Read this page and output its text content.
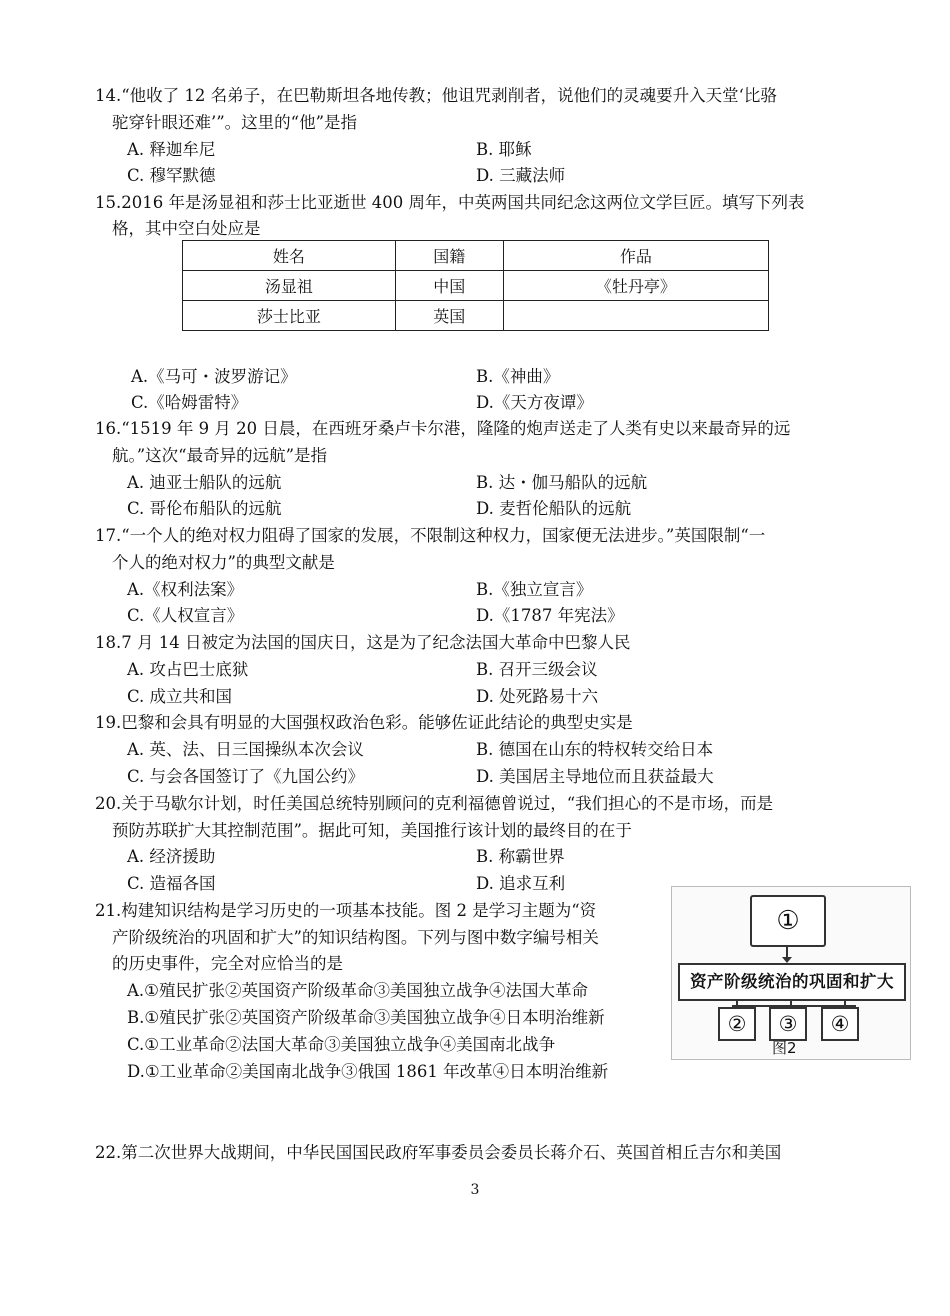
14.“他收了 12 名弟子，在巴勒斯坦各地传教；他诅咒剥削者，说他们的灵魂要升入天堂‘比骆
驼穿针眼还难’”。这里的“他”是指
A. 释迦牟尼	B. 耶稣
C. 穆罕默德	D. 三藏法师
15.2016 年是汤显祖和莎士比亚逝世 400 周年，中英两国共同纪念这两位文学巨匠。填写下列表
格，其中空白处应是
姓名	国籍	作品
汤显祖	中国	《牡丹亭》
莎士比亚	英国	
A.《马可・波罗游记》	B.《神曲》
C.《哈姆雷特》	D.《天方夜谭》
16.“1519 年 9 月 20 日晨，在西班牙桑卢卡尔港，隆隆的炮声送走了人类有史以来最奇异的远
航。”这次“最奇异的远航”是指
A. 迪亚士船队的远航	B. 达・伽马船队的远航
C. 哥伦布船队的远航	D. 麦哲伦船队的远航
17.“一个人的绝对权力阻碍了国家的发展，不限制这种权力，国家便无法进步。”英国限制“一
个人的绝对权力”的典型文献是
A.《权利法案》	B.《独立宣言》
C.《人权宣言》	D.《1787 年宪法》
18.7 月 14 日被定为法国的国庆日，这是为了纪念法国大革命中巴黎人民
A. 攻占巴士底狱	B. 召开三级会议
C. 成立共和国	D. 处死路易十六
19.巴黎和会具有明显的大国强权政治色彩。能够佐证此结论的典型史实是
A. 英、法、日三国操纵本次会议	B. 德国在山东的特权转交给日本
C. 与会各国签订了《九国公约》	D. 美国居主导地位而且获益最大
20.关于马歇尔计划，时任美国总统特别顾问的克利福德曾说过，“我们担心的不是市场，而是
预防苏联扩大其控制范围”。据此可知，美国推行该计划的最终目的在于
A. 经济援助	B. 称霸世界
C. 造福各国	D. 追求互利
21.构建知识结构是学习历史的一项基本技能。图 2 是学习主题为“资
产阶级统治的巩固和扩大”的知识结构图。下列与图中数字编号相关
的历史事件，完全对应恰当的是
A.①殖民扩张②英国资产阶级革命③美国独立战争④法国大革命
B.①殖民扩张②英国资产阶级革命③美国独立战争④日本明治维新
C.①工业革命②法国大革命③美国独立战争④美国南北战争
D.①工业革命②美国南北战争③俄国 1861 年改革④日本明治维新
①
资产阶级统治的巩固和扩大
②	③	④
图2
22.第二次世界大战期间，中华民国国民政府军事委员会委员长蒋介石、英国首相丘吉尔和美国
3
